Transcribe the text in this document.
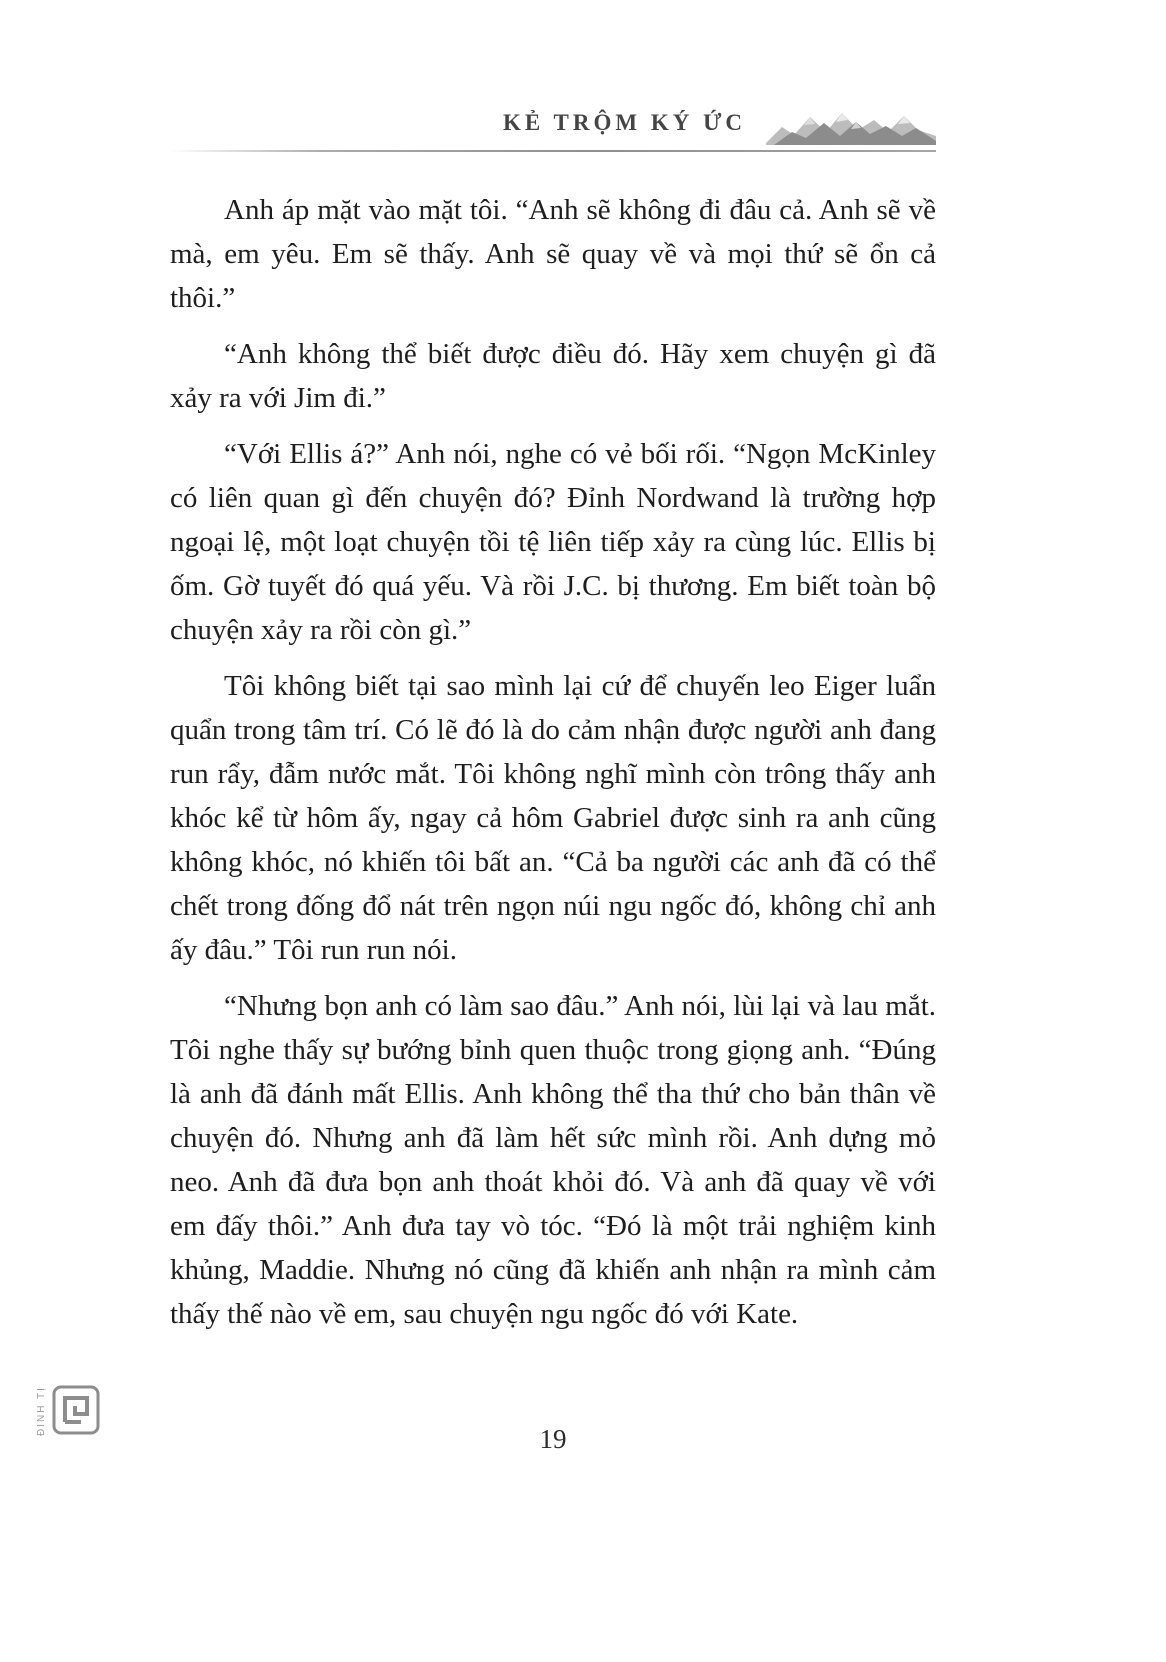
KẺ TRỘM KÝ ỨC

Anh áp mặt vào mặt tôi. “Anh sẽ không đi đâu cả. Anh sẽ về mà, em yêu. Em sẽ thấy. Anh sẽ quay về và mọi thứ sẽ ổn cả thôi.”

“Anh không thể biết được điều đó. Hãy xem chuyện gì đã xảy ra với Jim đi.”

“Với Ellis á?” Anh nói, nghe có vẻ bối rối. “Ngọn McKinley có liên quan gì đến chuyện đó? Đỉnh Nordwand là trường hợp ngoại lệ, một loạt chuyện tồi tệ liên tiếp xảy ra cùng lúc. Ellis bị ốm. Gờ tuyết đó quá yếu. Và rồi J.C. bị thương. Em biết toàn bộ chuyện xảy ra rồi còn gì.”

Tôi không biết tại sao mình lại cứ để chuyến leo Eiger luẩn quẩn trong tâm trí. Có lẽ đó là do cảm nhận được người anh đang run rẩy, đẫm nước mắt. Tôi không nghĩ mình còn trông thấy anh khóc kể từ hôm ấy, ngay cả hôm Gabriel được sinh ra anh cũng không khóc, nó khiến tôi bất an. “Cả ba người các anh đã có thể chết trong đống đổ nát trên ngọn núi ngu ngốc đó, không chỉ anh ấy đâu.” Tôi run run nói.

“Nhưng bọn anh có làm sao đâu.” Anh nói, lùi lại và lau mắt. Tôi nghe thấy sự bướng bỉnh quen thuộc trong giọng anh. “Đúng là anh đã đánh mất Ellis. Anh không thể tha thứ cho bản thân về chuyện đó. Nhưng anh đã làm hết sức mình rồi. Anh dựng mỏ neo. Anh đã đưa bọn anh thoát khỏi đó. Và anh đã quay về với em đấy thôi.” Anh đưa tay vò tóc. “Đó là một trải nghiệm kinh khủng, Maddie. Nhưng nó cũng đã khiến anh nhận ra mình cảm thấy thế nào về em, sau chuyện ngu ngốc đó với Kate.

ĐINH TỊ
19
